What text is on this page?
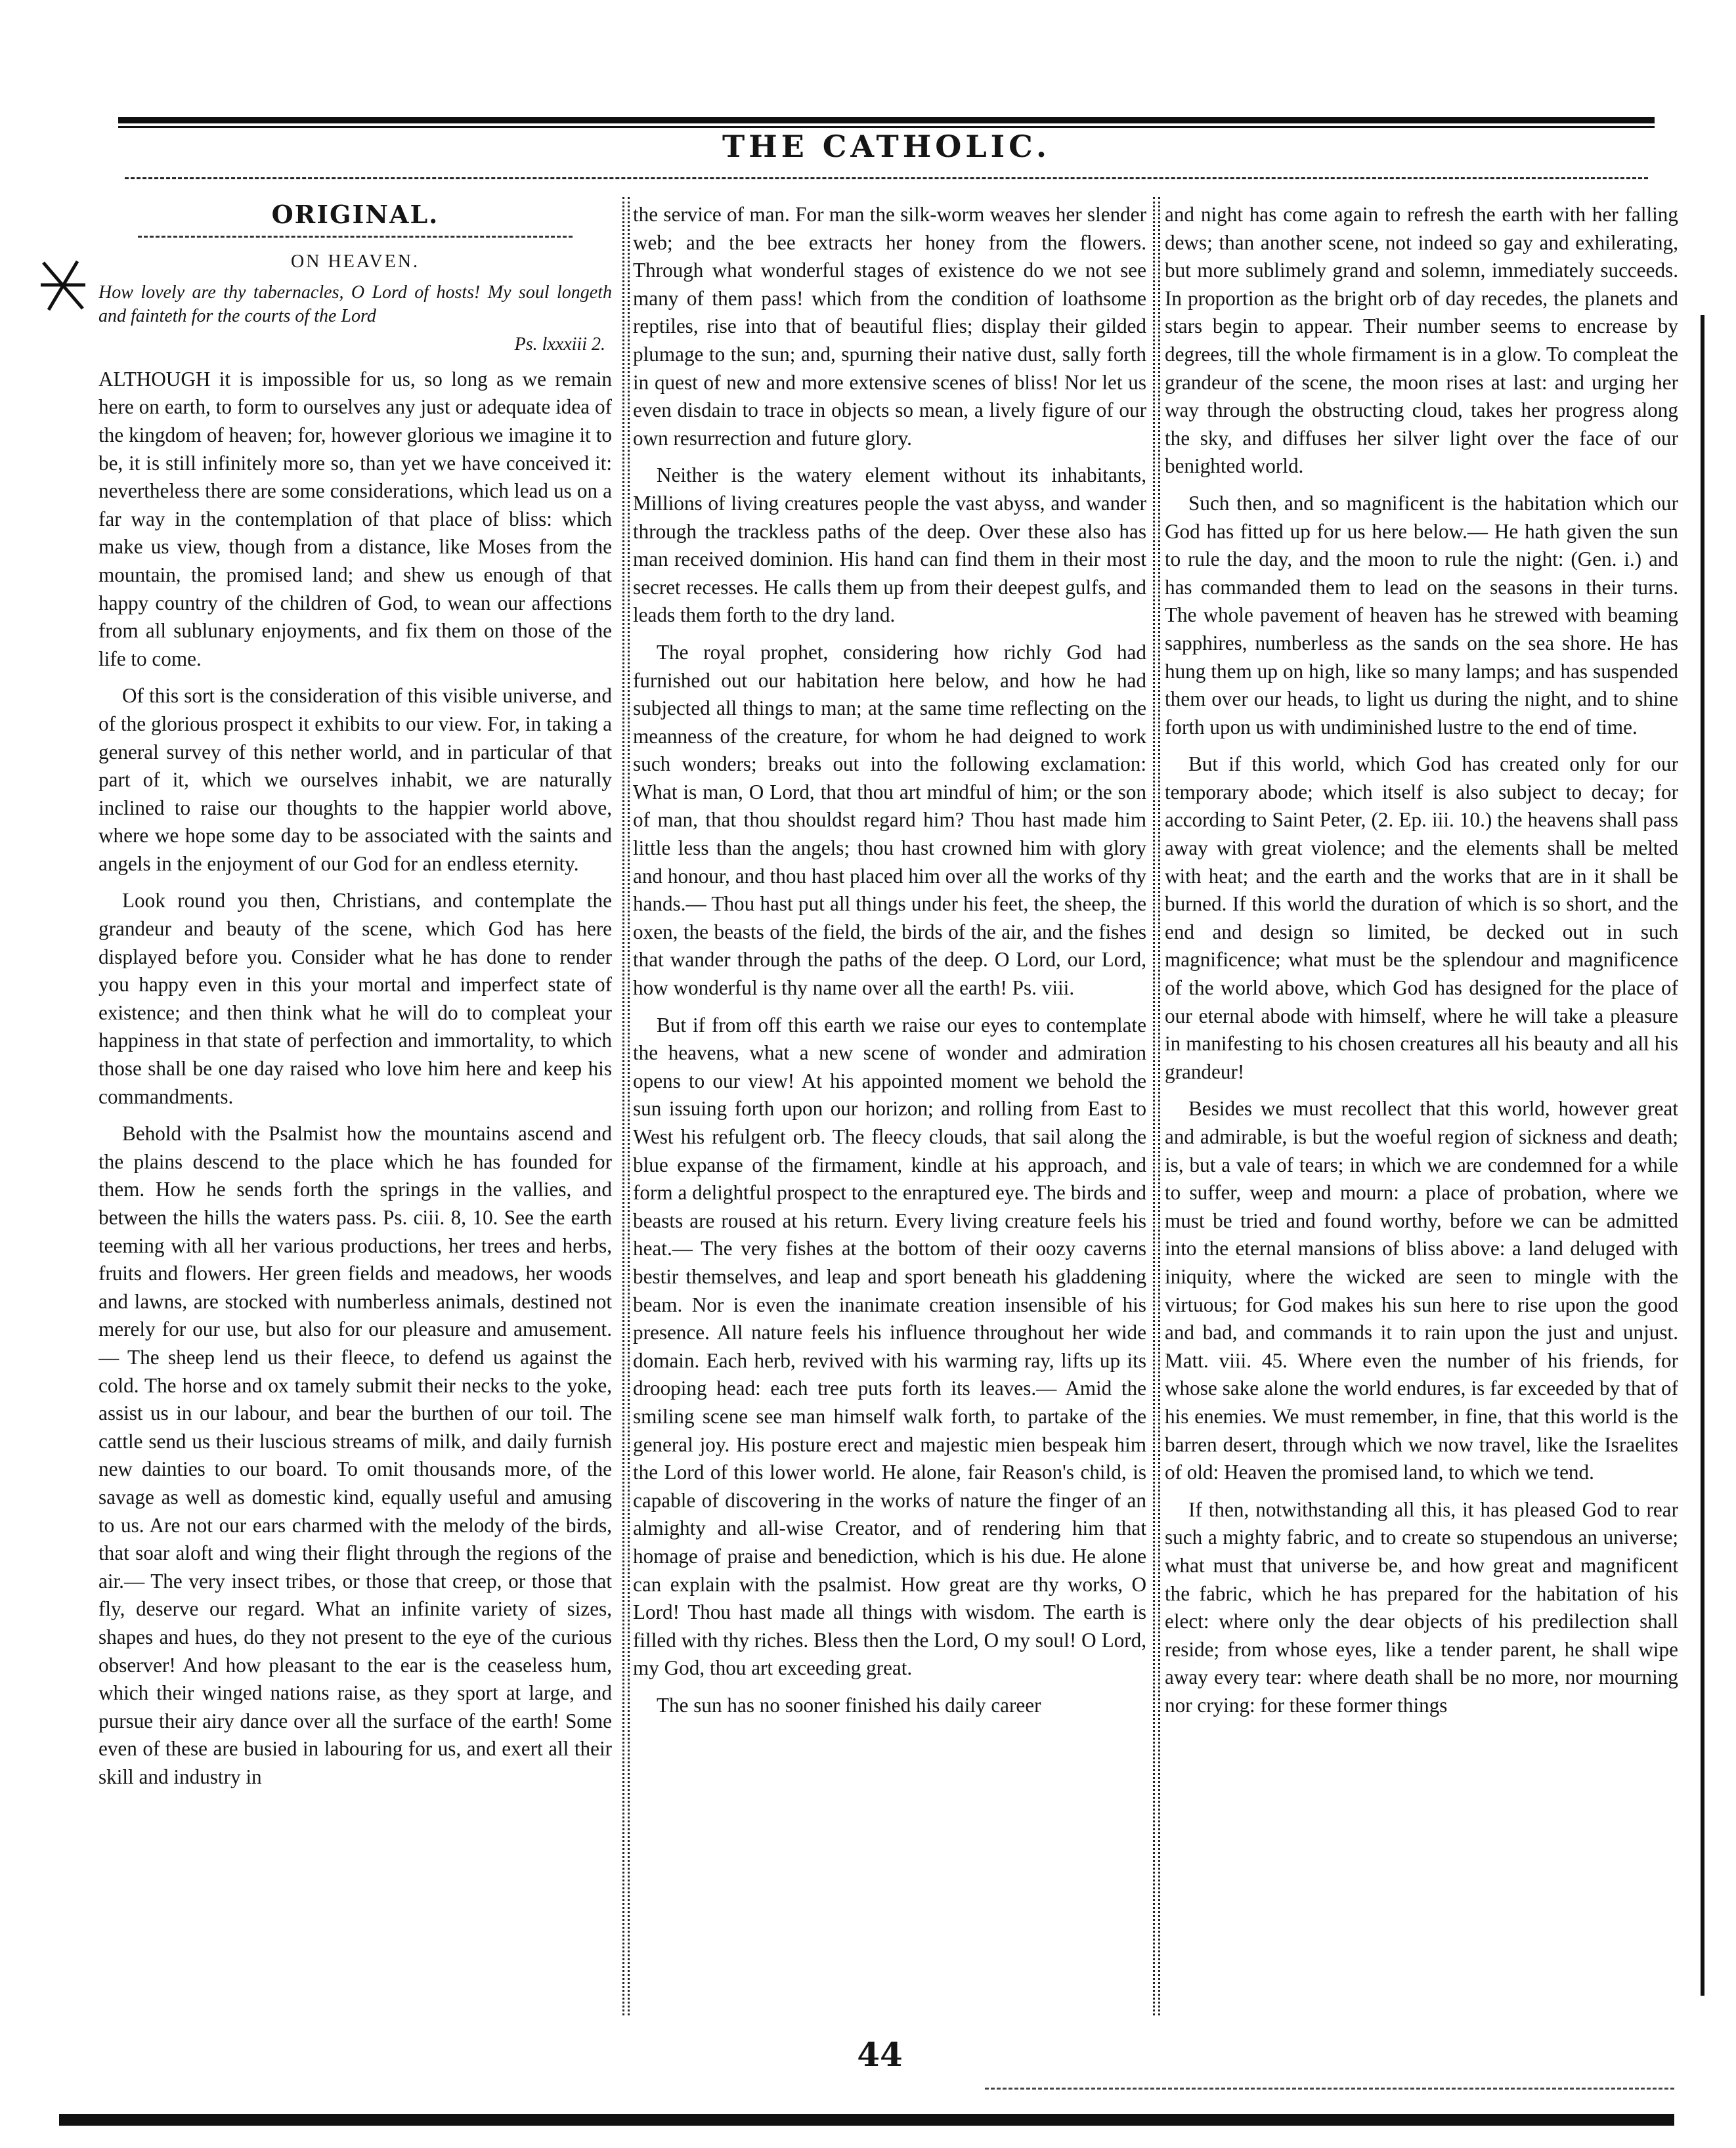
THE CATHOLIC.
ORIGINAL.
ON HEAVEN.
How lovely are thy tabernacles, O Lord of hosts! My soul longeth and fainteth for the courts of the Lord
Ps. lxxxiii 2.

ALTHOUGH it is impossible for us, so long as we remain here on earth, to form to ourselves any just or adequate idea of the kingdom of heaven; for, however glorious we imagine it to be, it is still infinitely more so, than yet we have conceived it: nevertheless there are some considerations, which lead us on a far way in the contemplation of that place of bliss: which make us view, though from a distance, like Moses from the mountain, the promised land; and shew us enough of that happy country of the children of God, to wean our affections from all sublunary enjoyments, and fix them on those of the life to come.

Of this sort is the consideration of this visible universe, and of the glorious prospect it exhibits to our view. For, in taking a general survey of this nether world, and in particular of that part of it, which we ourselves inhabit, we are naturally inclined to raise our thoughts to the happier world above, where we hope some day to be associated with the saints and angels in the enjoyment of our God for an endless eternity.

Look round you then, Christians, and contemplate the grandeur and beauty of the scene, which God has here displayed before you. Consider what he has done to render you happy even in this your mortal and imperfect state of existence; and then think what he will do to compleat your happiness in that state of perfection and immortality, to which those shall be one day raised who love him here and keep his commandments.

Behold with the Psalmist how the mountains ascend and the plains descend to the place which he has founded for them. How he sends forth the springs in the vallies, and between the hills the waters pass. Ps. ciii. 8, 10. See the earth teeming with all her various productions, her trees and herbs, fruits and flowers. Her green fields and meadows, her woods and lawns, are stocked with numberless animals, destined not merely for our use, but also for our pleasure and amusement.— The sheep lend us their fleece, to defend us against the cold. The horse and ox tamely submit their necks to the yoke, assist us in our labour, and bear the burthen of our toil. The cattle send us their luscious streams of milk, and daily furnish new dainties to our board. To omit thousands more, of the savage as well as domestic kind, equally useful and amusing to us. Are not our ears charmed with the melody of the birds, that soar aloft and wing their flight through the regions of the air.— The very insect tribes, or those that creep, or those that fly, deserve our regard. What an infinite variety of sizes, shapes and hues, do they not present to the eye of the curious observer! And how pleasant to the ear is the ceaseless hum, which their winged nations raise, as they sport at large, and pursue their airy dance over all the surface of the earth! Some even of these are busied in labouring for us, and exert all their skill and industry in

the service of man. For man the silk-worm weaves her slender web; and the bee extracts her honey from the flowers. Through what wonderful stages of existence do we not see many of them pass! which from the condition of loathsome reptiles, rise into that of beautiful flies; display their gilded plumage to the sun; and, spurning their native dust, sally forth in quest of new and more extensive scenes of bliss! Nor let us even disdain to trace in objects so mean, a lively figure of our own resurrection and future glory.

Neither is the watery element without its inhabitants, Millions of living creatures people the vast abyss, and wander through the trackless paths of the deep. Over these also has man received dominion. His hand can find them in their most secret recesses. He calls them up from their deepest gulfs, and leads them forth to the dry land.

The royal prophet, considering how richly God had furnished out our habitation here below, and how he had subjected all things to man; at the same time reflecting on the meanness of the creature, for whom he had deigned to work such wonders; breaks out into the following exclamation: What is man, O Lord, that thou art mindful of him; or the son of man, that thou shouldst regard him? Thou hast made him little less than the angels; thou hast crowned him with glory and honour, and thou hast placed him over all the works of thy hands.— Thou hast put all things under his feet, the sheep, the oxen, the beasts of the field, the birds of the air, and the fishes that wander through the paths of the deep. O Lord, our Lord, how wonderful is thy name over all the earth! Ps. viii.

But if from off this earth we raise our eyes to contemplate the heavens, what a new scene of wonder and admiration opens to our view! At his appointed moment we behold the sun issuing forth upon our horizon; and rolling from East to West his refulgent orb. The fleecy clouds, that sail along the blue expanse of the firmament, kindle at his approach, and form a delightful prospect to the enraptured eye. The birds and beasts are roused at his return. Every living creature feels his heat.— The very fishes at the bottom of their oozy caverns bestir themselves, and leap and sport beneath his gladdening beam. Nor is even the inanimate creation insensible of his presence. All nature feels his influence throughout her wide domain. Each herb, revived with his warming ray, lifts up its drooping head: each tree puts forth its leaves.— Amid the smiling scene see man himself walk forth, to partake of the general joy. His posture erect and majestic mien bespeak him the Lord of this lower world. He alone, fair Reason's child, is capable of discovering in the works of nature the finger of an almighty and all-wise Creator, and of rendering him that homage of praise and benediction, which is his due. He alone can explain with the psalmist. How great are thy works, O Lord! Thou hast made all things with wisdom. The earth is filled with thy riches. Bless then the Lord, O my soul! O Lord, my God, thou art exceeding great.

The sun has no sooner finished his daily career

and night has come again to refresh the earth with her falling dews; than another scene, not indeed so gay and exhilerating, but more sublimely grand and solemn, immediately succeeds. In proportion as the bright orb of day recedes, the planets and stars begin to appear. Their number seems to encrease by degrees, till the whole firmament is in a glow. To compleat the grandeur of the scene, the moon rises at last: and urging her way through the obstructing cloud, takes her progress along the sky, and diffuses her silver light over the face of our benighted world.

Such then, and so magnificent is the habitation which our God has fitted up for us here below.— He hath given the sun to rule the day, and the moon to rule the night: (Gen. i.) and has commanded them to lead on the seasons in their turns. The whole pavement of heaven has he strewed with beaming sapphires, numberless as the sands on the sea shore. He has hung them up on high, like so many lamps; and has suspended them over our heads, to light us during the night, and to shine forth upon us with undiminished lustre to the end of time.

But if this world, which God has created only for our temporary abode; which itself is also subject to decay; for according to Saint Peter, (2. Ep. iii. 10.) the heavens shall pass away with great violence; and the elements shall be melted with heat; and the earth and the works that are in it shall be burned. If this world the duration of which is so short, and the end and design so limited, be decked out in such magnificence; what must be the splendour and magnificence of the world above, which God has designed for the place of our eternal abode with himself, where he will take a pleasure in manifesting to his chosen creatures all his beauty and all his grandeur!

Besides we must recollect that this world, however great and admirable, is but the woeful region of sickness and death; is, but a vale of tears; in which we are condemned for a while to suffer, weep and mourn: a place of probation, where we must be tried and found worthy, before we can be admitted into the eternal mansions of bliss above: a land deluged with iniquity, where the wicked are seen to mingle with the virtuous; for God makes his sun here to rise upon the good and bad, and commands it to rain upon the just and unjust. Matt. viii. 45. Where even the number of his friends, for whose sake alone the world endures, is far exceeded by that of his enemies. We must remember, in fine, that this world is the barren desert, through which we now travel, like the Israelites of old: Heaven the promised land, to which we tend.

If then, notwithstanding all this, it has pleased God to rear such a mighty fabric, and to create so stupendous an universe; what must that universe be, and how great and magnificent the fabric, which he has prepared for the habitation of his elect: where only the dear objects of his predilection shall reside; from whose eyes, like a tender parent, he shall wipe away every tear: where death shall be no more, nor mourning nor crying: for these former things

44
